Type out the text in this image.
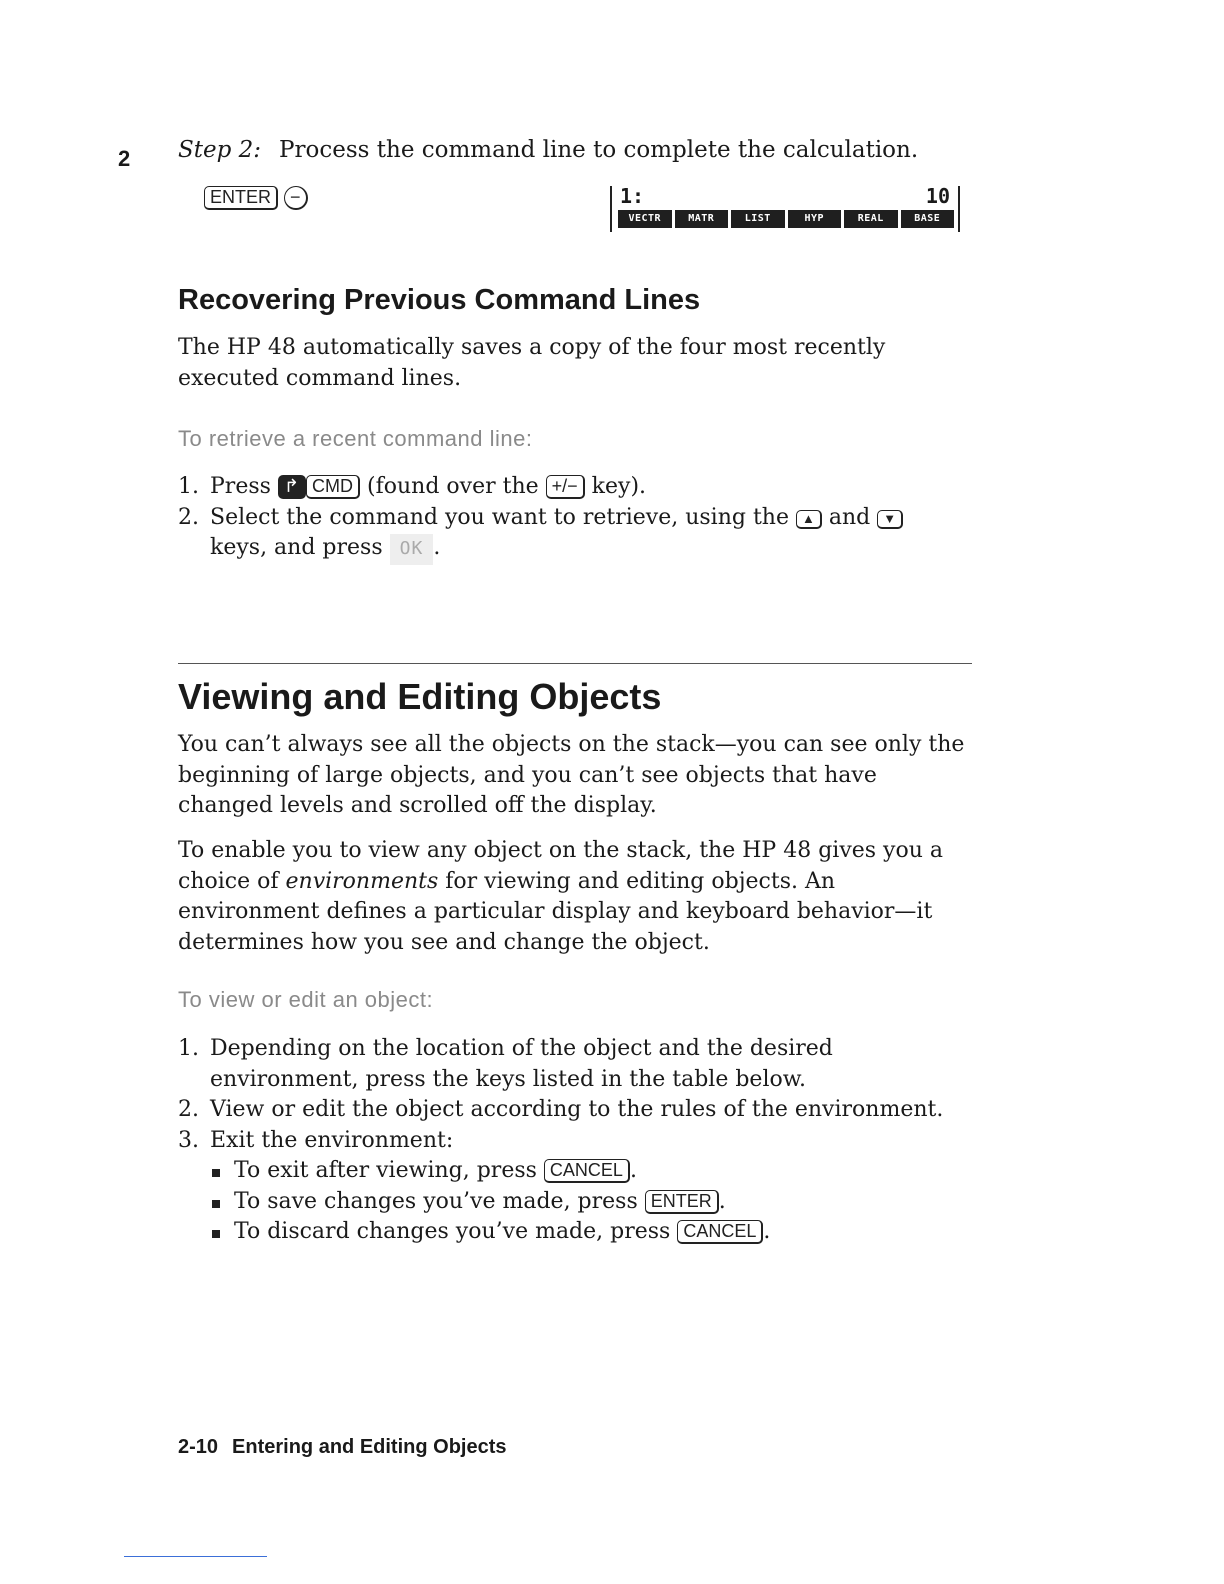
2 Step 2: Process the command line to complete the calculation.
ENTER −	1:	10
VECTR	MATR	LIST	HYP	REAL	BASE
Recovering Previous Command Lines
The HP 48 automatically saves a copy of the four most recently executed command lines.
To retrieve a recent command line:
1. Press ↱ CMD (found over the +/− key).
2. Select the command you want to retrieve, using the ▲ and ▼
keys, and press OK .
Viewing and Editing Objects
You can’t always see all the objects on the stack—you can see only the beginning of large objects, and you can’t see objects that have changed levels and scrolled off the display.
To enable you to view any object on the stack, the HP 48 gives you a choice of environments for viewing and editing objects. An environment defines a particular display and keyboard behavior—it determines how you see and change the object.
To view or edit an object:
1. Depending on the location of the object and the desired environment, press the keys listed in the table below.
2. View or edit the object according to the rules of the environment.
3. Exit the environment:
To exit after viewing, press CANCEL .
To save changes you’ve made, press ENTER .
To discard changes you’ve made, press CANCEL .
2-10 Entering and Editing Objects
